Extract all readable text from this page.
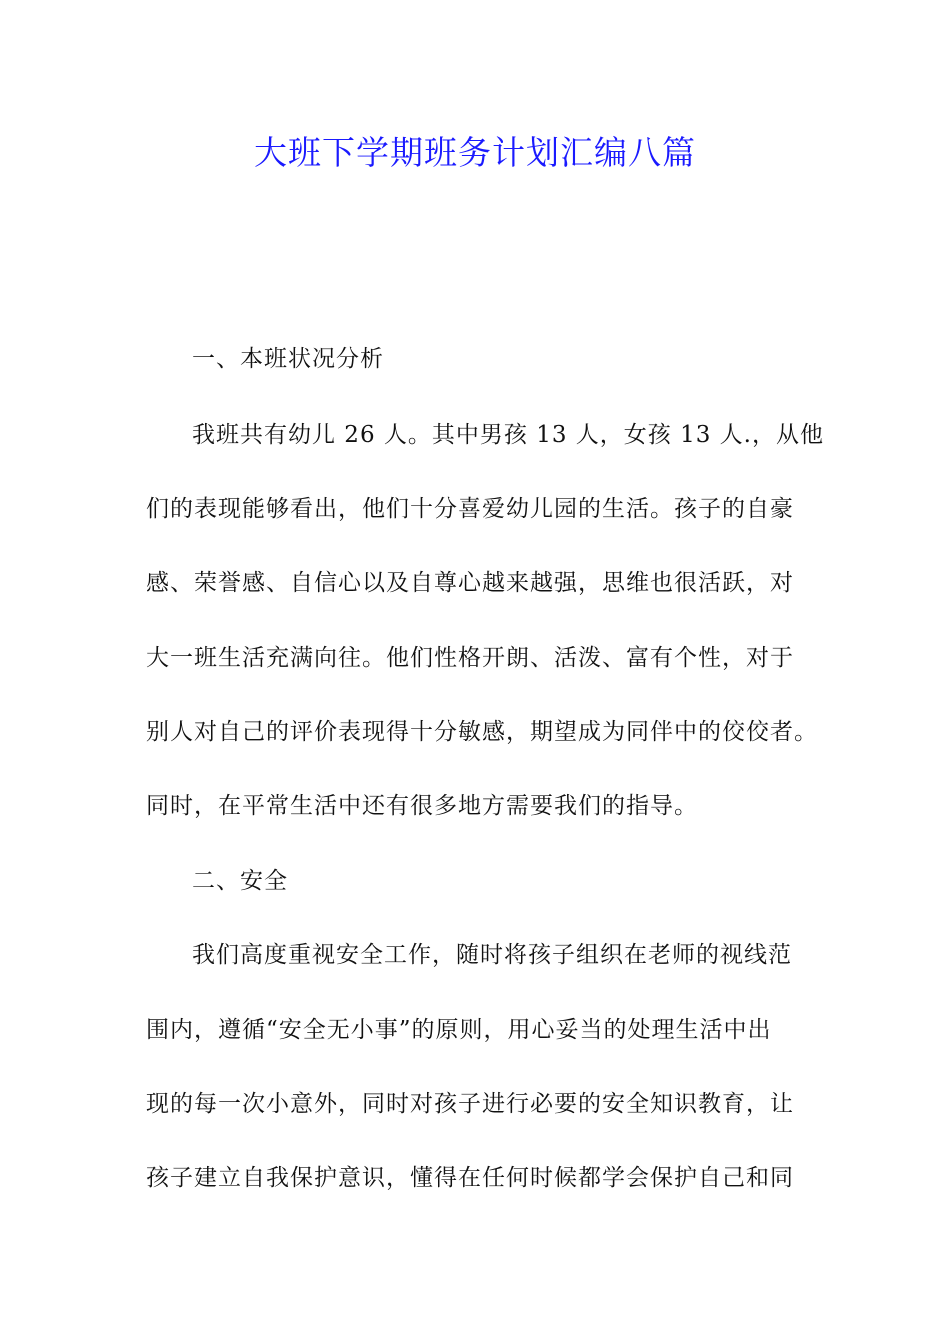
大班下学期班务计划汇编八篇

一、本班状况分析

我班共有幼儿 26 人。其中男孩 13 人，女孩 13 人.，从他

们的表现能够看出，他们十分喜爱幼儿园的生活。孩子的自豪

感、荣誉感、自信心以及自尊心越来越强，思维也很活跃，对

大一班生活充满向往。他们性格开朗、活泼、富有个性，对于

别人对自己的评价表现得十分敏感，期望成为同伴中的佼佼者。

同时，在平常生活中还有很多地方需要我们的指导。

二、安全

我们高度重视安全工作，随时将孩子组织在老师的视线范

围内，遵循“安全无小事”的原则，用心妥当的处理生活中出

现的每一次小意外，同时对孩子进行必要的安全知识教育，让

孩子建立自我保护意识，懂得在任何时候都学会保护自己和同
